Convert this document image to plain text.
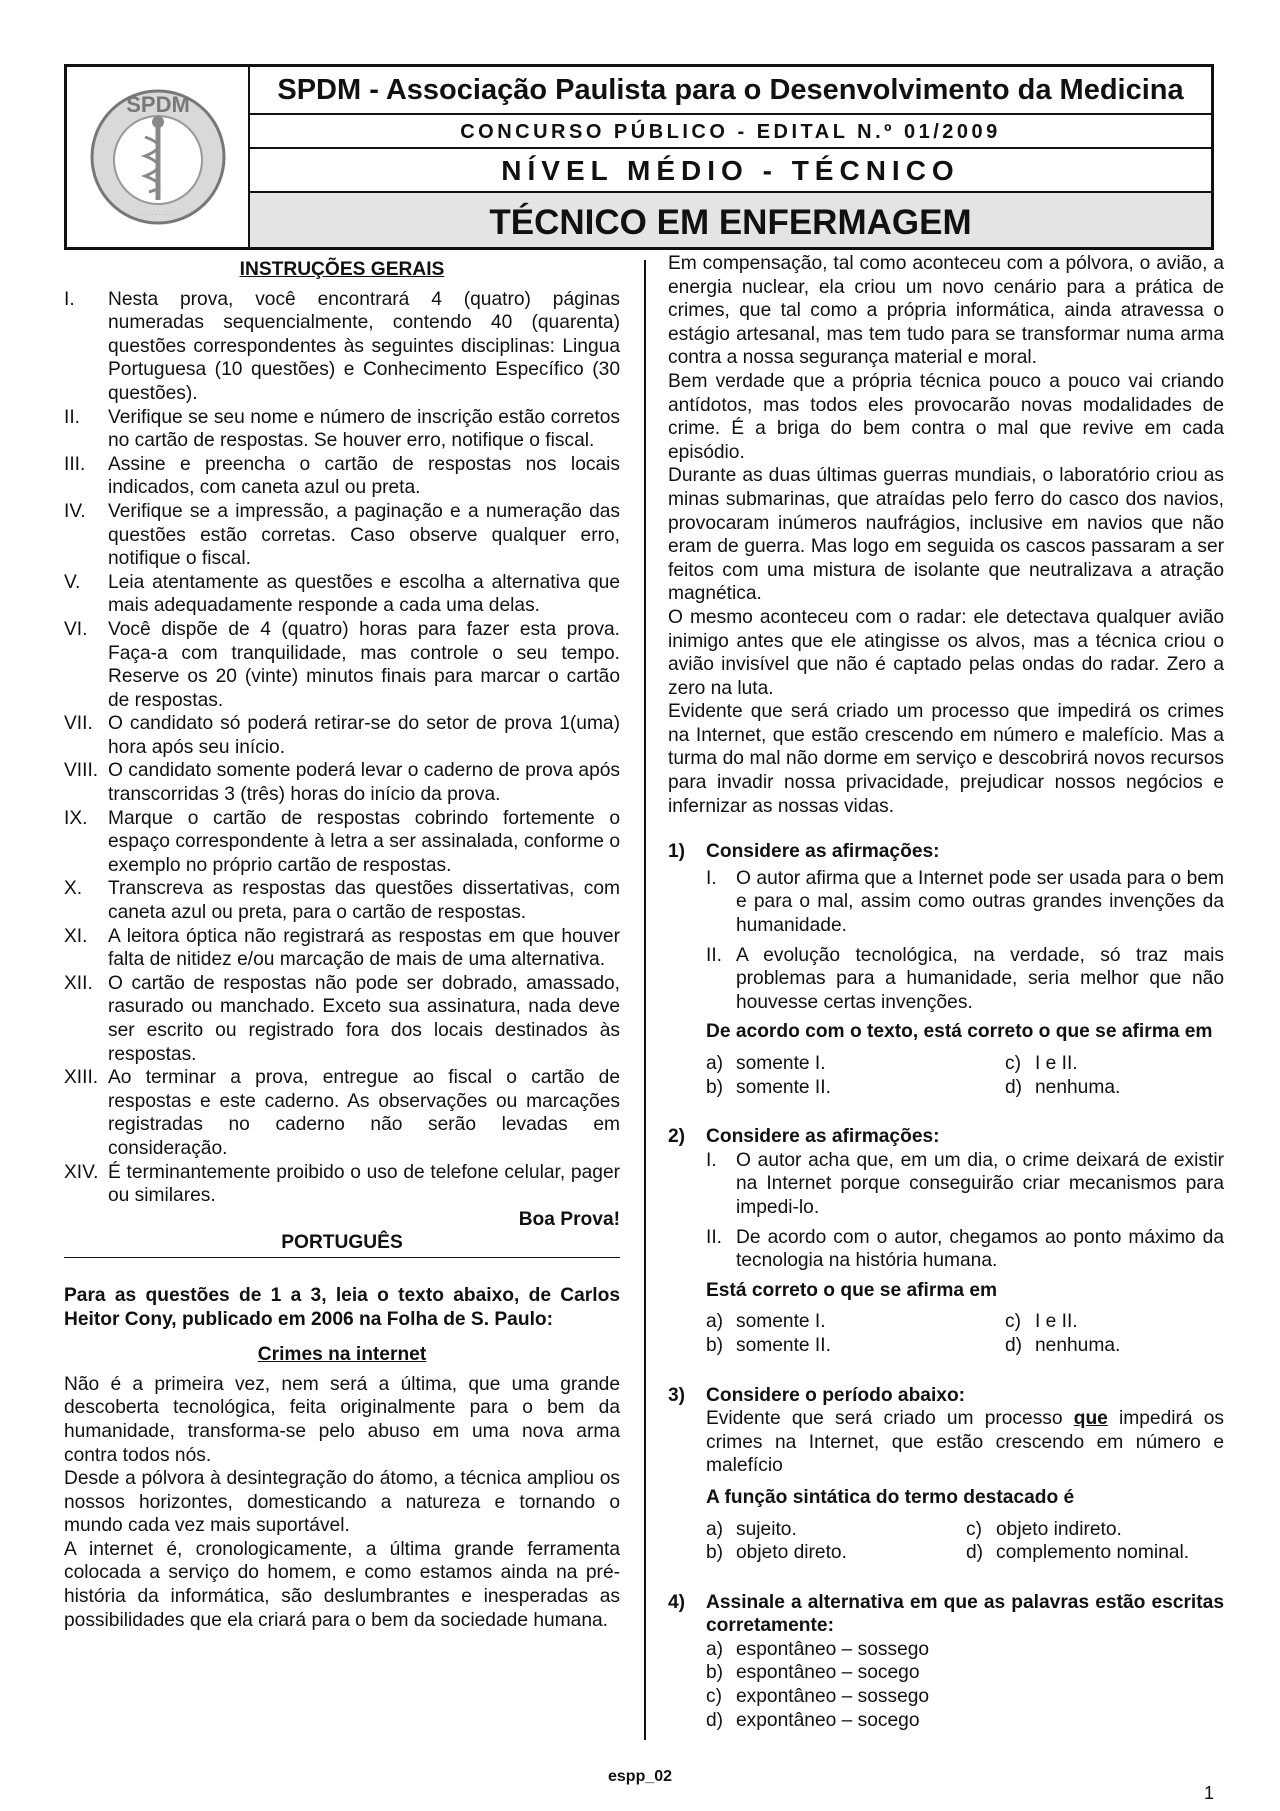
SPDM
· · · · · · · · · · · ·
SPDM - Associação Paulista para o Desenvolvimento da Medicina
CONCURSO PÚBLICO - EDITAL N.º 01/2009
NÍVEL MÉDIO - TÉCNICO
TÉCNICO EM ENFERMAGEM
INSTRUÇÕES GERAIS
I.	Nesta prova, você encontrará 4 (quatro) páginas numeradas sequencialmente, contendo 40 (quarenta) questões correspondentes às seguintes disciplinas: Lingua Portuguesa (10 questões) e Conhecimento Específico (30 questões).
II.	Verifique se seu nome e número de inscrição estão corretos no cartão de respostas. Se houver erro, notifique o fiscal.
III.	Assine e preencha o cartão de respostas nos locais indicados, com caneta azul ou preta.
IV.	Verifique se a impressão, a paginação e a numeração das questões estão corretas. Caso observe qualquer erro, notifique o fiscal.
V.	Leia atentamente as questões e escolha a alternativa que mais adequadamente responde a cada uma delas.
VI.	Você dispõe de 4 (quatro) horas para fazer esta prova. Faça-a com tranquilidade, mas controle o seu tempo. Reserve os 20 (vinte) minutos finais para marcar o cartão de respostas.
VII. O candidato só poderá retirar-se do setor de prova 1(uma) hora após seu início.
VIII. O candidato somente poderá levar o caderno de prova após transcorridas 3 (três) horas do início da prova.
IX.	Marque o cartão de respostas cobrindo fortemente o espaço correspondente à letra a ser assinalada, conforme o exemplo no próprio cartão de respostas.
X.	Transcreva as respostas das questões dissertativas, com caneta azul ou preta, para o cartão de respostas.
XI.	A leitora óptica não registrará as respostas em que houver falta de nitidez e/ou marcação de mais de uma alternativa.
XII. O cartão de respostas não pode ser dobrado, amassado, rasurado ou manchado. Exceto sua assinatura, nada deve ser escrito ou registrado fora dos locais destinados às respostas.
XIII. Ao terminar a prova, entregue ao fiscal o cartão de respostas e este caderno. As observações ou marcações registradas no caderno não serão levadas em consideração.
XIV. É terminantemente proibido o uso de telefone celular, pager ou similares.
Boa Prova!
PORTUGUÊS

Para as questões de 1 a 3, leia o texto abaixo, de Carlos Heitor Cony, publicado em 2006 na Folha de S. Paulo:

Crimes na internet

Não é a primeira vez, nem será a última, que uma grande descoberta tecnológica, feita originalmente para o bem da humanidade, transforma-se pelo abuso em uma nova arma contra todos nós.

Desde a pólvora à desintegração do átomo, a técnica ampliou os nossos horizontes, domesticando a natureza e tornando o mundo cada vez mais suportável.

A internet é, cronologicamente, a última grande ferramenta colocada a serviço do homem, e como estamos ainda na pré-história da informática, são deslumbrantes e inesperadas as possibilidades que ela criará para o bem da sociedade humana.

Em compensação, tal como aconteceu com a pólvora, o avião, a energia nuclear, ela criou um novo cenário para a prática de crimes, que tal como a própria informática, ainda atravessa o estágio artesanal, mas tem tudo para se transformar numa arma contra a nossa segurança material e moral.

Bem verdade que a própria técnica pouco a pouco vai criando antídotos, mas todos eles provocarão novas modalidades de crime. É a briga do bem contra o mal que revive em cada episódio.

Durante as duas últimas guerras mundiais, o laboratório criou as minas submarinas, que atraídas pelo ferro do casco dos navios, provocaram inúmeros naufrágios, inclusive em navios que não eram de guerra. Mas logo em seguida os cascos passaram a ser feitos com uma mistura de isolante que neutralizava a atração magnética.

O mesmo aconteceu com o radar: ele detectava qualquer avião inimigo antes que ele atingisse os alvos, mas a técnica criou o avião invisível que não é captado pelas ondas do radar. Zero a zero na luta.

Evidente que será criado um processo que impedirá os crimes na Internet, que estão crescendo em número e malefício. Mas a turma do mal não dorme em serviço e descobrirá novos recursos para invadir nossa privacidade, prejudicar nossos negócios e infernizar as nossas vidas.

1)	Considere as afirmações:
I.	O autor afirma que a Internet pode ser usada para o bem e para o mal, assim como outras grandes invenções da humanidade.
II. A evolução tecnológica, na verdade, só traz mais problemas para a humanidade, seria melhor que não houvesse certas invenções.
De acordo com o texto, está correto o que se afirma em
a) somente I.	c) I e II.
b) somente II.	d) nenhuma.
2)	Considere as afirmações:
I.	O autor acha que, em um dia, o crime deixará de existir na Internet porque conseguirão criar mecanismos para impedi-lo.
II. De acordo com o autor, chegamos ao ponto máximo da tecnologia na história humana.
Está correto o que se afirma em
a) somente I.	c) I e II.
b) somente II.	d) nenhuma.
3)	Considere o período abaixo:
Evidente que será criado um processo que impedirá os crimes na Internet, que estão crescendo em número e malefício
A função sintática do termo destacado é
a) sujeito.	c) objeto indireto.
b) objeto direto.	d) complemento nominal.
4)	Assinale a alternativa em que as palavras estão escritas corretamente:
a) espontâneo – sossego
b) espontâneo – socego
c) expontâneo – sossego
d) expontâneo – socego
espp_02
1
